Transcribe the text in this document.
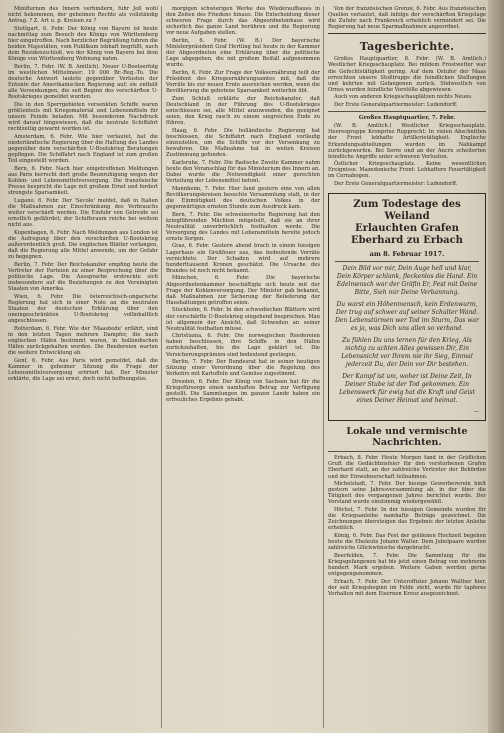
Minifterium des Innern verhindern, fuhr Jeß wohl nicht bekommen, der geheimen Rechte als vollständig Antrag. ? Z. Art u. p. Kreisen zu ?

Stuttgart, 6. Febr. Der König von Bayern ist heute nachmittag zum Besuch des Königs von Württemberg hier eingetroffen. Nach herzlicher Begrüßung fuhren die beiden Majestäten, vom Publikum lebhaft begrüßt, nach dem Residenzschloß, wo der König von Bayern bei dem Könige von Württemberg Wohnung nahm.

Berlin, 7. Febr. (W. B. Amtlich). Neuer U-Bootserfolg im westlichen Mittelmeer: 19 000 Br.-Reg.-To. Die deutsche Antwort lautete gegenüber Verlusten der Entente der Amerikanischen Regierung auf; sie enthält alle Versenkungen, die seit Beginn des verschärften U-Bootskrieges gemeldet wurden.

Die in den Sperrgebieten versenkten Schiffe waren größtenteils mit Kriegsmaterial und Lebensmitteln für unsere Feinde beladen. Mit besonderem Nachdruck wird darauf hingewiesen, daß die neutrale Schiffahrt rechtzeitig gewarnt worden ist.

Amsterdam, 6. Febr. Wie hier verlautet, hat die niederländische Regierung über die Haltung des Landes gegenüber dem verschärften U-Bootskrieg Beratungen gepflogen. Die Schiffahrt nach England ist zum großen Teil eingestellt worden.

Bern, 6. Febr. Nach hier eingetroffenen Meldungen aus Paris herrscht dort große Beunruhigung wegen der Kohlen- und Lebensmittelversorgung. Die französische Presse bespricht die Lage mit großem Ernst und fordert strengste Sparsamkeit.

Lugano, 6. Febr. Der 'Secolo' meldet, daß in Italien die Maßnahmen zur Einschränkung des Verbrauchs weiter verschärft werden. Die Einfuhr von Getreide sei ernstlich gefährdet; der Schiffsraum reiche bei weitem nicht aus.

Kopenhagen, 6. Febr. Nach Meldungen aus London ist die Aufregung über den verschärften U-Bootskrieg außerordentlich groß. Die englischen Blätter verlangen, daß die Regierung alle Mittel anwende, um der Gefahr zu begegnen.

Berlin, 7. Febr. Der Reichskanzler empfing heute die Vertreter der Parteien zu einer Besprechung über die politische Lage. Die Aussprache erstreckte sich insbesondere auf die Beziehungen zu den Vereinigten Staaten von Amerika.

Wien, 6. Febr. Die österreichisch-ungarische Regierung hat sich in einer Note an die neutralen Staaten der deutschen Erklärung über den uneingeschränkten U-Bootskrieg vollinhaltlich angeschlossen.

Rotterdam, 6. Febr. Wie der 'Maasbode' erfährt, sind in den letzten Tagen mehrere Dampfer, die nach englischen Häfen bestimmt waren, in holländischen Häfen zurückgehalten worden. Die Reedereien warten die weitere Entwicklung ab.

Genf, 6. Febr. Aus Paris wird gemeldet, daß die Kammer in geheimer Sitzung die Frage der Lebensmittelversorgung erörtert hat. Der Minister erklärte, die Lage sei ernst, doch nicht hoffnungslos.

morgigen schwierigen Werke des Wiederaufbaues in den Zeiten des Friedens hinaus. Die Entscheidung dieser schweren Frage durch das Abgeordnetenhaus wird sicherlich das ganze Land berühren und die Regierung vor neue Aufgaben stellen.

Berlin, 6. Febr. (W. B.) Der bayerische Ministerpräsident Graf Hertling hat heute in der Kammer der Abgeordneten eine Erklärung über die politische Lage abgegeben, die mit großem Beifall aufgenommen wurde.

Berlin, 6. Febr. Zur Frage der Volksernährung teilt der Präsident des Kriegsernährungsamtes mit, daß die Vorräte bis zur neuen Ernte ausreichen werden, wenn die Bevölkerung die gebotene Sparsamkeit weiterhin übt.

Zum Schluß erklärte der Reichskanzler, daß Deutschland in der Führung des U-Bootskrieges entschlossen sei, alle Mittel anzuwenden, die geeignet seien, den Krieg rasch zu einem siegreichen Ende zu führen.

Haag, 6. Febr. Die holländische Regierung hat beschlossen, die Schiffahrt nach England vorläufig einzustellen, um die Schiffe vor der Versenkung zu bewahren. Die Maßnahme hat in weiten Kreisen Zustimmung gefunden.

Karlsruhe, 7. Febr. Die Badische Zweite Kammer nahm heute den Voranschlag für das Ministerium des Innern an. Dabei wurde die Notwendigkeit einer gerechten Verteilung der Lebensmittel betont.

Mannheim, 7. Febr. Hier fand gestern eine von allen Bevölkerungskreisen besuchte Versammlung statt, in der die Einmütigkeit des deutschen Volkes in der gegenwärtigen ernsten Stunde zum Ausdruck kam.

Bern, 7. Febr. Die schweizerische Regierung hat den kriegführenden Mächten mitgeteilt, daß sie an ihrer Neutralität unverbrüchlich festhalten werde. Die Versorgung des Landes mit Lebensmitteln bereite jedoch ernste Sorgen.

Graz, 6. Febr. Gestern abend brach in einem hiesigen Lagerhaus ein Großfeuer aus, das bedeutende Vorräte vernichtete. Der Schaden wird auf mehrere hunderttausend Kronen geschätzt. Die Ursache des Brandes ist noch nicht bekannt.

München, 6. Febr. Die bayerische Abgeordnetenkammer beschäftigte sich heute mit der Frage der Kohlenversorgung. Der Minister gab bekannt, daß Maßnahmen zur Sicherung der Belieferung der Haushaltungen getroffen seien.

Stockholm, 6. Febr. In den schwedischen Blättern wird der verschärfte U-Bootskrieg eingehend besprochen. Man ist allgemein der Ansicht, daß Schweden an seiner Neutralität festhalten müsse.

Christiania, 6. Febr. Die norwegischen Reedereien haben beschlossen, ihre Schiffe in den Häfen zurückzuhalten, bis die Lage geklärt ist. Die Versicherungsprämien sind bedeutend gestiegen.

Berlin, 7. Febr. Der Bundesrat hat in seiner heutigen Sitzung einer Verordnung über die Regelung des Verkehrs mit Kartoffeln und Gemüse zugestimmt.

Dresden, 6. Febr. Der König von Sachsen hat für die Kriegsfürsorge einen namhaften Betrag zur Verfügung gestellt. Die Sammlungen im ganzen Lande haben ein erfreuliches Ergebnis gehabt.

Von der französischen Grenze, 6. Febr. Aus französischen Quellen verlautet, daß infolge der verschärften Kriegslage die Zufuhr nach Frankreich erheblich vermindert sei. Die Regierung hat neue Sparmaßnahmen angeordnet.

Tagesberichte.

Großes Hauptquartier, 8. Febr. (W. B. Amtlich.) Westlicher Kriegsschauplatz. Bei mildem Frostwetter war die Gefechtstätigkeit gering. Auf dem Ostufer der Maas erreichten unsere Stoßtrupps die feindlichen Stellungen und kehrten mit Gefangenen zurück. Südwestlich von Ornes wurden feindliche Vorstöße abgewiesen.

Auch von anderen Kriegsschauplätzen nichts Neues.

Der Erste Generalquartiermeister: Ludendorff.

Großes Hauptquartier, 7. Febr.

(W. B. Amtlich.) Westlicher Kriegsschauplatz. Heeresgruppe Kronprinz Rupprecht: In vielen Abschnitten der Front lebhafte Artillerietätigkeit. Englische Erkundungsabteilungen wurden im Nahkampf zurückgeworfen. Bei Serre und an der Ancre scheiterten feindliche Angriffe unter schweren Verlusten.

Östlicher Kriegsschauplatz. Keine wesentlichen Ereignisse. Mazedonische Front: Lebhaftere Feuertätigkeit im Cernabogen.

Der Erste Generalquartiermeister: Ludendorff.

Zum Todestage des Weiland
Erlauchten Grafen Eberhard zu Erbach
am 8. Februar 1917.

Dein Bild vor mir, Dein Auge hell und klar, Dein Körper schlank, fleckenlos die Hand. Ein Edelmensch war der Gräfin Er, Fest mit Deine Bitte, Sieh mir Deine Verbannung.

Du warst ein Höhenmensch, kein Erdenwurm, Der trug auf schwer auf seiner Schulter Wand. Den Lebenstürmen wer Tod im Sturm, Das war es ja, was Dich uns allen so verband.

Zu fühlen Du uns lernen für den Krieg, Als nichtig zu achten Alles gewissen Dir, Ein Lebensnicht vor Ihrem nie ihr Sieg, Einmal jederzeit Du, der Dein vor Dir bestehen.

Der Kampf ist um, woher ist Deine Zeit, In Deiner Stube ist der Tod gekommen. Ein Lebenswerk für ewig hat die Kraft und Geist eines Deiner Heimat und heimat.

—
Lokale und vermischte Nachrichten.

Erbach, 8. Febr. Heute Morgen fand in der Gräflichen Gruft die Gedächtnisfeier für den verstorbenen Grafen Eberhard statt, an der zahlreiche Vertreter der Behörden und der Einwohnerschaft teilnahmen.

Michelstadt, 7. Febr. Der hiesige Gewerbeverein hielt gestern seine Jahresversammlung ab, in der über die Tätigkeit des vergangenen Jahres berichtet wurde. Der Vorstand wurde einstimmig wiedergewählt.

Höchst, 7. Febr. In der hiesigen Gemeinde wurden für die Kriegsanleihe namhafte Beträge gezeichnet. Die Zeichnungen übersteigen das Ergebnis der letzten Anleihe erheblich.

König, 6. Febr. Das Fest der goldenen Hochzeit begehen heute die Eheleute Johann Walter. Dem Jubelpaare wurden zahlreiche Glückwünsche dargebracht.

Beerfelden, 7. Febr. Die Sammlung für die Kriegsgefangenen hat bis jetzt einen Betrag von mehreren hundert Mark ergeben. Weitere Gaben werden gerne entgegengenommen.

Erbach, 7. Febr. Der Unteroffizier Johann Walther hier, der seit Kriegsbeginn im Felde steht, wurde für tapferes Verhalten mit dem Eisernen Kreuz ausgezeichnet.
